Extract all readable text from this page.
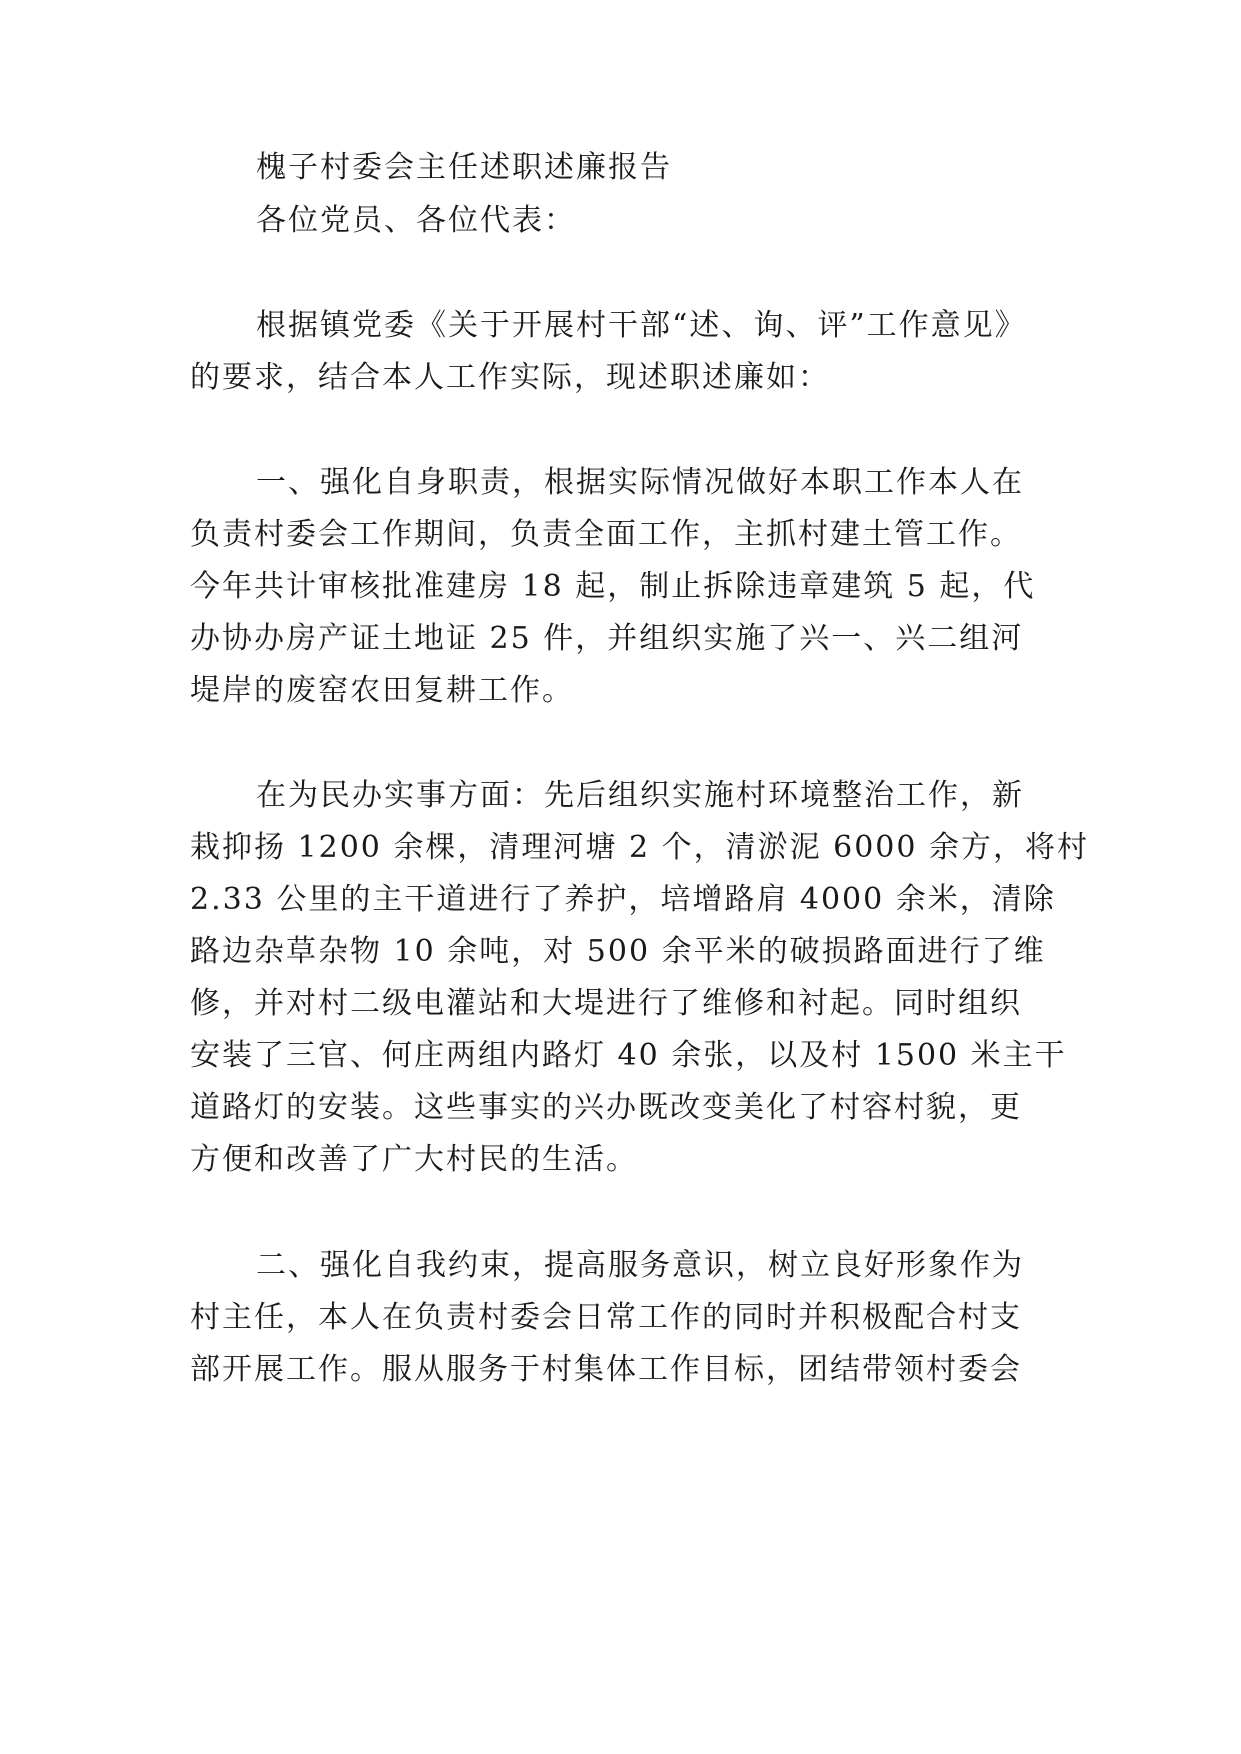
槐子村委会主任述职述廉报告
各位党员、各位代表：
根据镇党委《关于开展村干部“述、询、评”工作意见》
的要求，结合本人工作实际，现述职述廉如：
一、强化自身职责，根据实际情况做好本职工作本人在
负责村委会工作期间，负责全面工作，主抓村建土管工作。
今年共计审核批准建房 18 起，制止拆除违章建筑 5 起，代
办协办房产证土地证 25 件，并组织实施了兴一、兴二组河
堤岸的废窑农田复耕工作。
在为民办实事方面：先后组织实施村环境整治工作，新
栽抑扬 1200 余棵，清理河塘 2 个，清淤泥 6000 余方，将村
2.33 公里的主干道进行了养护，培增路肩 4000 余米，清除
路边杂草杂物 10 余吨，对 500 余平米的破损路面进行了维
修，并对村二级电灌站和大堤进行了维修和衬起。同时组织
安装了三官、何庄两组内路灯 40 余张，以及村 1500 米主干
道路灯的安装。这些事实的兴办既改变美化了村容村貌，更
方便和改善了广大村民的生活。
二、强化自我约束，提高服务意识，树立良好形象作为
村主任，本人在负责村委会日常工作的同时并积极配合村支
部开展工作。服从服务于村集体工作目标，团结带领村委会
